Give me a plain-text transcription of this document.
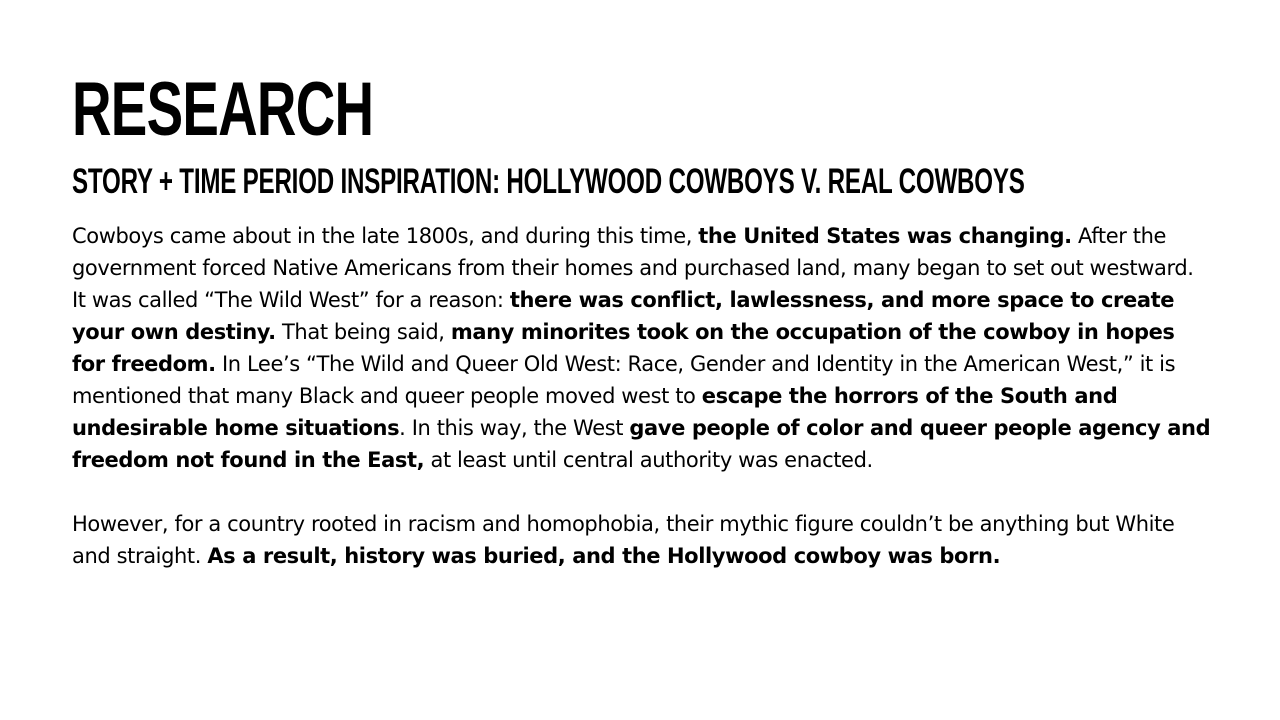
RESEARCH
STORY + TIME PERIOD INSPIRATION: HOLLYWOOD COWBOYS V. REAL COWBOYS

Cowboys came about in the late 1800s, and during this time, the United States was changing. After the government forced Native Americans from their homes and purchased land, many began to set out westward. It was called “The Wild West” for a reason: there was conflict, lawlessness, and more space to create your own destiny. That being said, many minorites took on the occupation of the cowboy in hopes for freedom. In Lee’s “The Wild and Queer Old West: Race, Gender and Identity in the American West,” it is mentioned that many Black and queer people moved west to escape the horrors of the South and undesirable home situations. In this way, the West gave people of color and queer people agency and freedom not found in the East, at least until central authority was enacted.

However, for a country rooted in racism and homophobia, their mythic figure couldn’t be anything but White and straight. As a result, history was buried, and the Hollywood cowboy was born.
